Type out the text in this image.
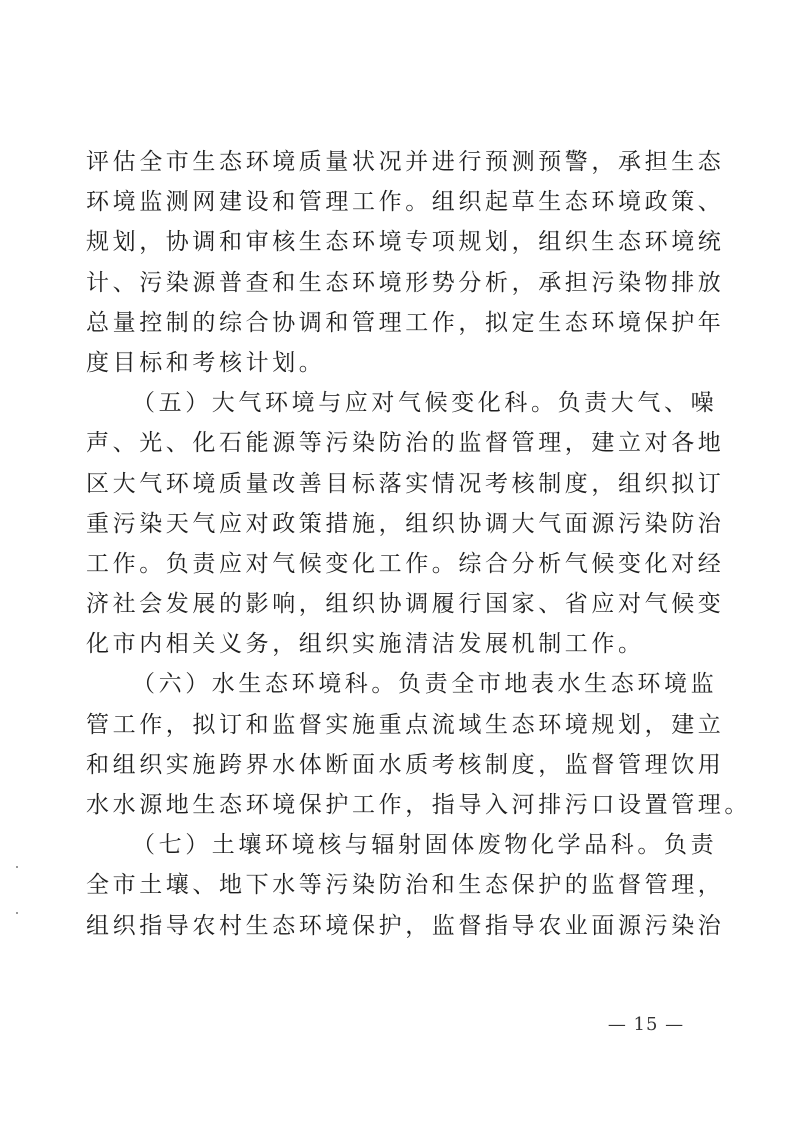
评估全市生态环境质量状况并进行预测预警，承担生态
环境监测网建设和管理工作。组织起草生态环境政策、
规划，协调和审核生态环境专项规划，组织生态环境统
计、污染源普查和生态环境形势分析，承担污染物排放
总量控制的综合协调和管理工作，拟定生态环境保护年
度目标和考核计划。
（五）大气环境与应对气候变化科。负责大气、噪
声、光、化石能源等污染防治的监督管理，建立对各地
区大气环境质量改善目标落实情况考核制度，组织拟订
重污染天气应对政策措施，组织协调大气面源污染防治
工作。负责应对气候变化工作。综合分析气候变化对经
济社会发展的影响，组织协调履行国家、省应对气候变
化市内相关义务，组织实施清洁发展机制工作。
（六）水生态环境科。负责全市地表水生态环境监
管工作，拟订和监督实施重点流域生态环境规划，建立
和组织实施跨界水体断面水质考核制度，监督管理饮用
水水源地生态环境保护工作，指导入河排污口设置管理。
（七）土壤环境核与辐射固体废物化学品科。负责
全市土壤、地下水等污染防治和生态保护的监督管理，
组织指导农村生态环境保护，监督指导农业面源污染治
— 15 —
